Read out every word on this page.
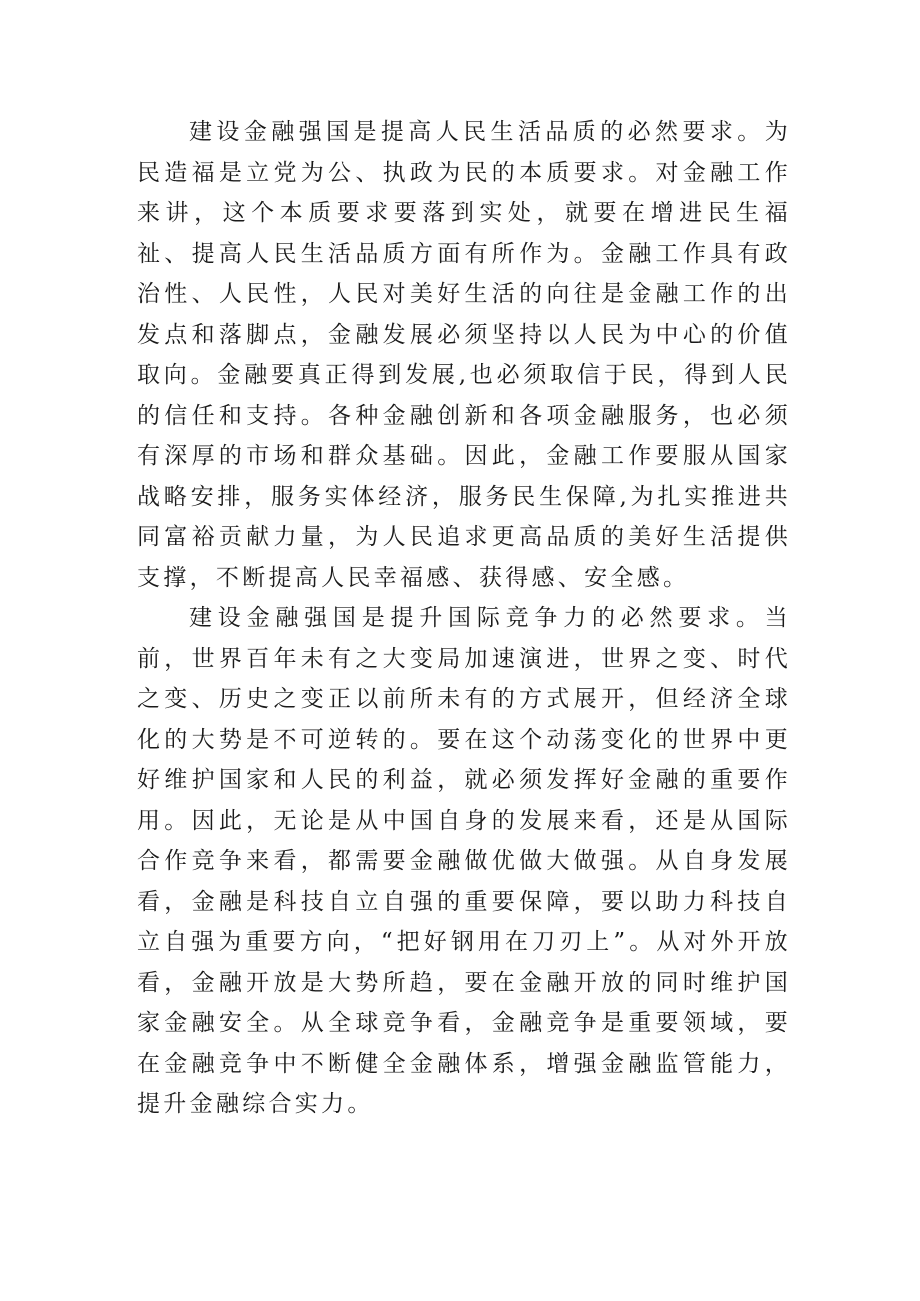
建设金融强国是提高人民生活品质的必然要求。为民造福是立党为公、执政为民的本质要求。对金融工作来讲，这个本质要求要落到实处，就要在增进民生福祉、提高人民生活品质方面有所作为。金融工作具有政治性、人民性，人民对美好生活的向往是金融工作的出发点和落脚点，金融发展必须坚持以人民为中心的价值取向。金融要真正得到发展,也必须取信于民，得到人民的信任和支持。各种金融创新和各项金融服务，也必须有深厚的市场和群众基础。因此，金融工作要服从国家战略安排，服务实体经济，服务民生保障,为扎实推进共同富裕贡献力量，为人民追求更高品质的美好生活提供支撑，不断提高人民幸福感、获得感、安全感。

建设金融强国是提升国际竞争力的必然要求。当前，世界百年未有之大变局加速演进，世界之变、时代之变、历史之变正以前所未有的方式展开，但经济全球化的大势是不可逆转的。要在这个动荡变化的世界中更好维护国家和人民的利益，就必须发挥好金融的重要作用。因此，无论是从中国自身的发展来看，还是从国际合作竞争来看，都需要金融做优做大做强。从自身发展看，金融是科技自立自强的重要保障，要以助力科技自立自强为重要方向，“把好钢用在刀刃上”。从对外开放看，金融开放是大势所趋，要在金融开放的同时维护国家金融安全。从全球竞争看，金融竞争是重要领域，要在金融竞争中不断健全金融体系，增强金融监管能力，提升金融综合实力。
